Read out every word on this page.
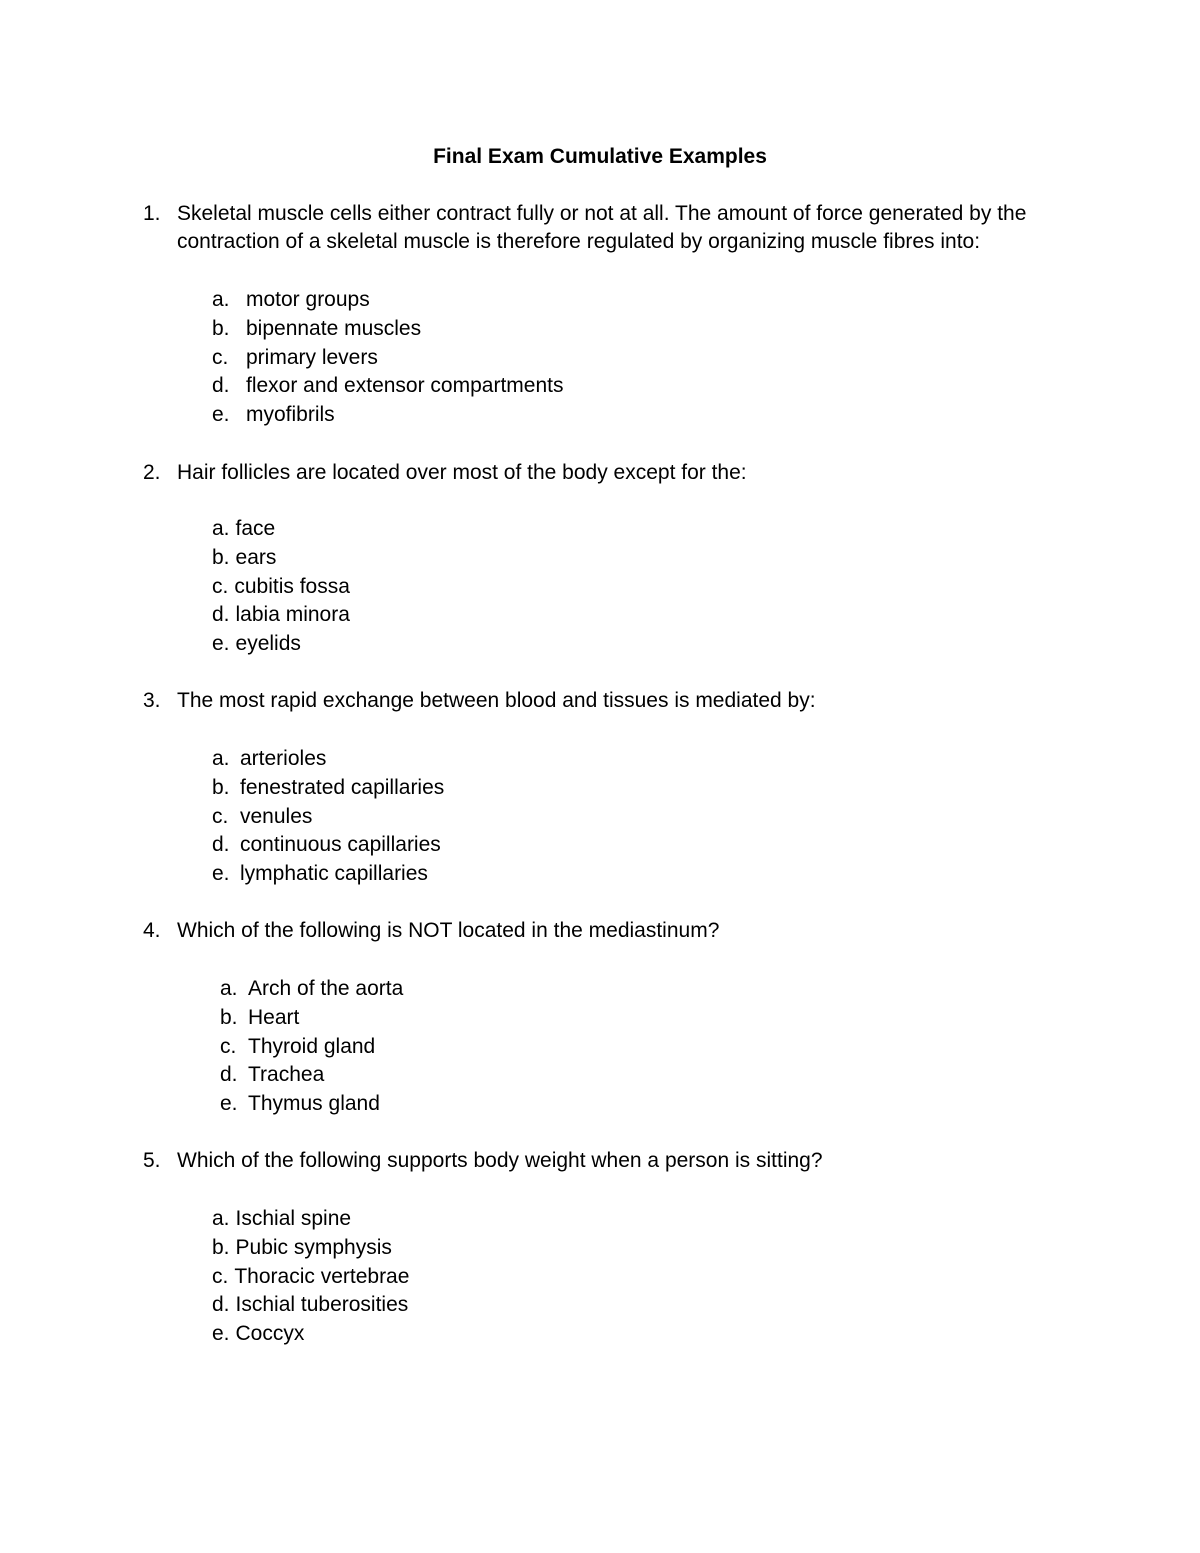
Final Exam Cumulative Examples
1. Skeletal muscle cells either contract fully or not at all. The amount of force generated by the contraction of a skeletal muscle is therefore regulated by organizing muscle fibres into:
a. motor groups
b. bipennate muscles
c. primary levers
d. flexor and extensor compartments
e. myofibrils
2. Hair follicles are located over most of the body except for the:
a. face
b. ears
c. cubitis fossa
d. labia minora
e. eyelids
3. The most rapid exchange between blood and tissues is mediated by:
a. arterioles
b. fenestrated capillaries
c. venules
d. continuous capillaries
e. lymphatic capillaries
4. Which of the following is NOT located in the mediastinum?
a. Arch of the aorta
b. Heart
c. Thyroid gland
d. Trachea
e. Thymus gland
5. Which of the following supports body weight when a person is sitting?
a. Ischial spine
b. Pubic symphysis
c. Thoracic vertebrae
d. Ischial tuberosities
e. Coccyx
